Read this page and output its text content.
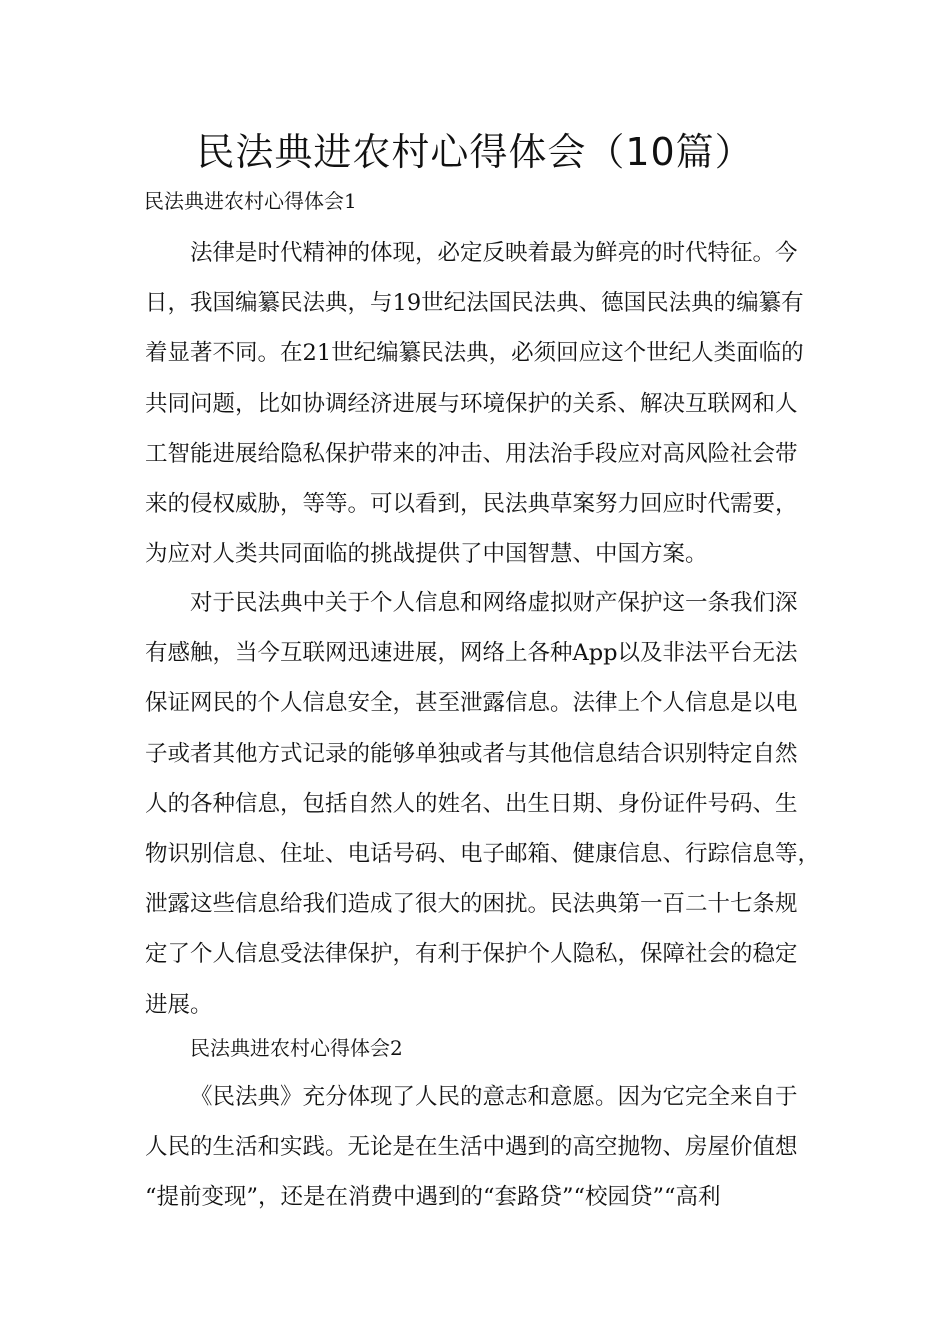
民法典进农村心得体会（10篇）
民法典进农村心得体会1
法律是时代精神的体现，必定反映着最为鲜亮的时代特征。今
日，我国编纂民法典，与19世纪法国民法典、德国民法典的编纂有
着显著不同。在21世纪编纂民法典，必须回应这个世纪人类面临的
共同问题，比如协调经济进展与环境保护的关系、解决互联网和人
工智能进展给隐私保护带来的冲击、用法治手段应对高风险社会带
来的侵权威胁，等等。可以看到，民法典草案努力回应时代需要，
为应对人类共同面临的挑战提供了中国智慧、中国方案。
对于民法典中关于个人信息和网络虚拟财产保护这一条我们深
有感触，当今互联网迅速进展，网络上各种App以及非法平台无法
保证网民的个人信息安全，甚至泄露信息。法律上个人信息是以电
子或者其他方式记录的能够单独或者与其他信息结合识别特定自然
人的各种信息，包括自然人的姓名、出生日期、身份证件号码、生
物识别信息、住址、电话号码、电子邮箱、健康信息、行踪信息等，
泄露这些信息给我们造成了很大的困扰。民法典第一百二十七条规
定了个人信息受法律保护，有利于保护个人隐私，保障社会的稳定
进展。
民法典进农村心得体会2
《民法典》充分体现了人民的意志和意愿。因为它完全来自于
人民的生活和实践。无论是在生活中遇到的高空抛物、房屋价值想
“提前变现”，还是在消费中遇到的“套路贷”“校园贷”“高利
